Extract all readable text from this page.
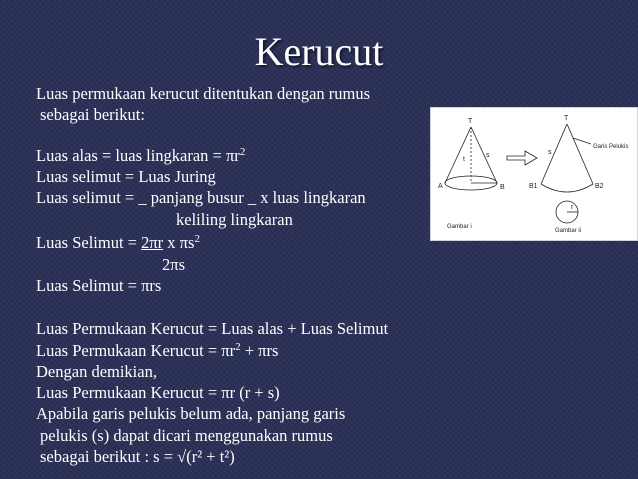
Kerucut
Luas permukaan kerucut ditentukan dengan rumus
sebagai berikut:
Luas alas = luas lingkaran = $\pi r^2$
Luas selimut = Luas Juring
Luas selimut = _ panjang busur _ x luas lingkaran
keliling lingkaran
Luas Selimut = 2πr x $\pi s^2$
2πs
Luas Selimut = πrs
Luas Permukaan Kerucut = Luas alas + Luas Selimut
Luas Permukaan Kerucut = $\pi r^2 + \pi rs$
Dengan demikian,
Luas Permukaan Kerucut = πr (r + s)
Apabila garis pelukis belum ada, panjang garis
pelukis (s) dapat dicari menggunakan rumus
sebagai berikut : s = √(r² + t²)
T
A	B
t
s
T
s
Garis Pelukis
B1	B2
r
Gambar i
Gambar ii
